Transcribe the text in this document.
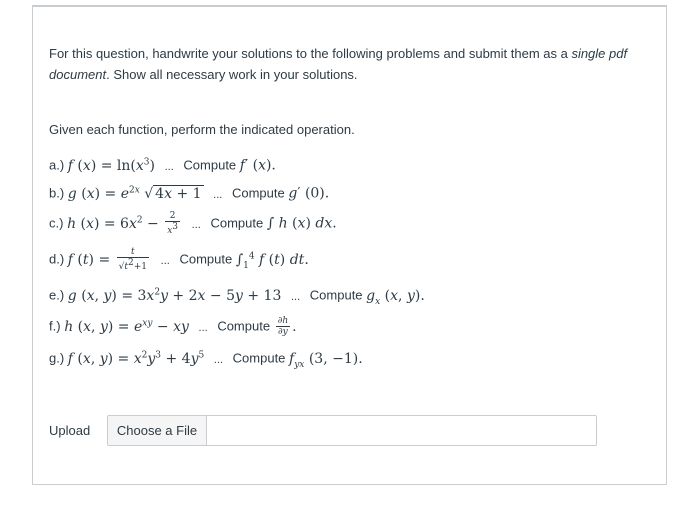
For this question, handwrite your solutions to the following problems and submit them as a single pdf document. Show all necessary work in your solutions.
Given each function, perform the indicated operation.
a.) f $(x) = \ln(x^3)$ ... Compute f′ (x).
b.) g $(x) = e^{2x}$ √ 4x + 1 ... Compute g′ (0).
c.) h $(x) = 6x^2 - \frac{2}{x^3}$ ... Compute ∫ h (x) dx.
d.) f $(t) = \frac{t}{√t^2+1}$ ... Compute $\int_1^4$ f (t) dt.
e.) g (x, $y) = 3x^2y + 2x - 5y + 13$ ... Compute $g_x$ (x, y).
f.) h (x, $y) = e^{xy}$ − xy ... Compute $\frac{\partial h}{\partial y}$ .
g.) f (x, $y) = x^2y^3 + 4y^5$ ... Compute $f_{yx}$ (3, −1).
Upload	Choose a File
